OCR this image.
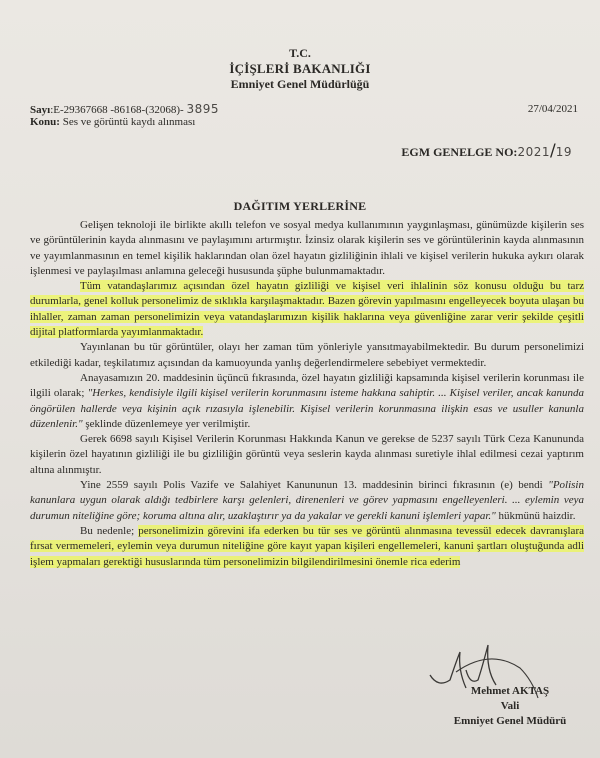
T.C.
İÇİŞLERİ BAKANLIĞI
Emniyet Genel Müdürlüğü
Sayı:E-29367668 -86168-(32068)- 3895	27/04/2021
Konu: Ses ve görüntü kaydı alınması
EGM GENELGE NO:2021/19
DAĞITIM YERLERİNE

Gelişen teknoloji ile birlikte akıllı telefon ve sosyal medya kullanımının yaygınlaşması, günümüzde kişilerin ses ve görüntülerinin kayda alınmasını ve paylaşımını artırmıştır. İzinsiz olarak kişilerin ses ve görüntülerinin kayda alınmasının ve yayımlanmasının en temel kişilik haklarından olan özel hayatın gizliliğinin ihlali ve kişisel verilerin hukuka aykırı olarak işlenmesi ve paylaşılması anlamına geleceği hususunda şüphe bulunmamaktadır.

Tüm vatandaşlarımız açısından özel hayatın gizliliği ve kişisel veri ihlalinin söz konusu olduğu bu tarz durumlarla, genel kolluk personelimiz de sıklıkla karşılaşmaktadır. Bazen görevin yapılmasını engelleyecek boyuta ulaşan bu ihlaller, zaman zaman personelimizin veya vatandaşlarımızın kişilik haklarına veya güvenliğine zarar verir şekilde çeşitli dijital platformlarda yayımlanmaktadır.

Yayınlanan bu tür görüntüler, olayı her zaman tüm yönleriyle yansıtmayabilmektedir. Bu durum personelimizi etkilediği kadar, teşkilatımız açısından da kamuoyunda yanlış değerlendirmelere sebebiyet vermektedir.

Anayasamızın 20. maddesinin üçüncü fıkrasında, özel hayatın gizliliği kapsamında kişisel verilerin korunması ile ilgili olarak; "Herkes, kendisiyle ilgili kişisel verilerin korunmasını isteme hakkına sahiptir. ... Kişisel veriler, ancak kanunda öngörülen hallerde veya kişinin açık rızasıyla işlenebilir. Kişisel verilerin korunmasına ilişkin esas ve usuller kanunla düzenlenir." şeklinde düzenlemeye yer verilmiştir.

Gerek 6698 sayılı Kişisel Verilerin Korunması Hakkında Kanun ve gerekse de 5237 sayılı Türk Ceza Kanununda kişilerin özel hayatının gizliliği ile bu gizliliğin görüntü veya seslerin kayda alınması suretiyle ihlal edilmesi cezai yaptırım altına alınmıştır.

Yine 2559 sayılı Polis Vazife ve Salahiyet Kanununun 13. maddesinin birinci fıkrasının (e) bendi "Polisin kanunlara uygun olarak aldığı tedbirlere karşı gelenleri, direnenleri ve görev yapmasını engelleyenleri. ... eylemin veya durumun niteliğine göre; koruma altına alır, uzaklaştırır ya da yakalar ve gerekli kanuni işlemleri yapar." hükmünü haizdir.

Bu nedenle; personelimizin görevini ifa ederken bu tür ses ve görüntü alınmasına tevessül edecek davranışlara fırsat vermemeleri, eylemin veya durumun niteliğine göre kayıt yapan kişileri engellemeleri, kanuni şartları oluştuğunda adli işlem yapmaları gerektiği hususlarında tüm personelimizin bilgilendirilmesini önemle rica ederim

Mehmet AKTAŞ
Vali
Emniyet Genel Müdürü
